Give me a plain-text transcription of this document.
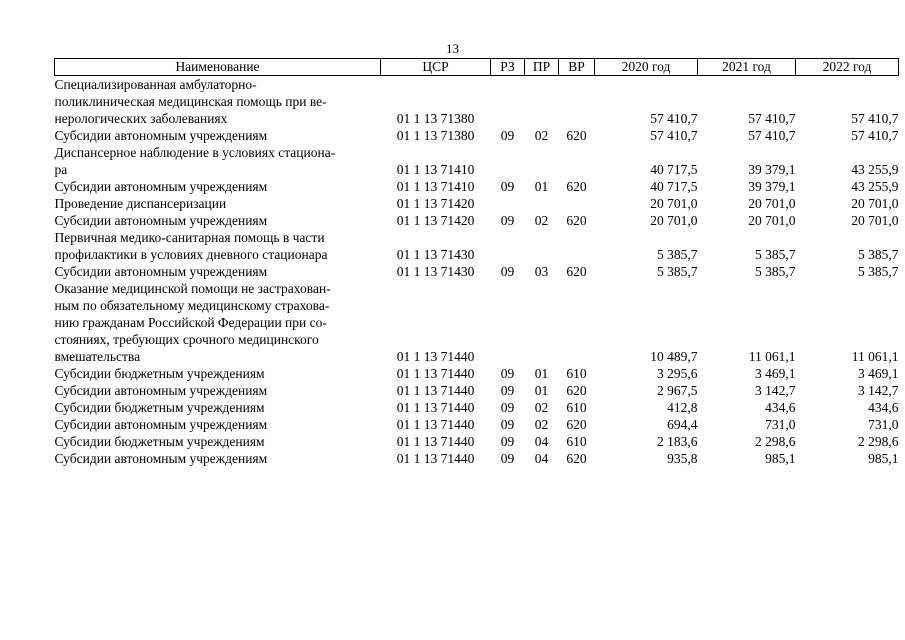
13
Наименование	ЦСР	РЗ	ПР	ВР	2020 год	2021 год	2022 год
Специализированная амбулаторно-							
поликлиническая медицинская помощь при ве-							
нерологических заболеваниях	01 1 13 71380				57 410,7	57 410,7	57 410,7
Субсидии автономным учреждениям	01 1 13 71380	09	02	620	57 410,7	57 410,7	57 410,7
Диспансерное наблюдение в условиях стациона-							
ра	01 1 13 71410				40 717,5	39 379,1	43 255,9
Субсидии автономным учреждениям	01 1 13 71410	09	01	620	40 717,5	39 379,1	43 255,9
Проведение диспансеризации	01 1 13 71420				20 701,0	20 701,0	20 701,0
Субсидии автономным учреждениям	01 1 13 71420	09	02	620	20 701,0	20 701,0	20 701,0
Первичная медико-санитарная помощь в части							
профилактики в условиях дневного стационара	01 1 13 71430				5 385,7	5 385,7	5 385,7
Субсидии автономным учреждениям	01 1 13 71430	09	03	620	5 385,7	5 385,7	5 385,7
Оказание медицинской помощи не застрахован-							
ным по обязательному медицинскому страхова-							
нию гражданам Российской Федерации при со-							
стояниях, требующих срочного медицинского							
вмешательства	01 1 13 71440				10 489,7	11 061,1	11 061,1
Субсидии бюджетным учреждениям	01 1 13 71440	09	01	610	3 295,6	3 469,1	3 469,1
Субсидии автономным учреждениям	01 1 13 71440	09	01	620	2 967,5	3 142,7	3 142,7
Субсидии бюджетным учреждениям	01 1 13 71440	09	02	610	412,8	434,6	434,6
Субсидии автономным учреждениям	01 1 13 71440	09	02	620	694,4	731,0	731,0
Субсидии бюджетным учреждениям	01 1 13 71440	09	04	610	2 183,6	2 298,6	2 298,6
Субсидии автономным учреждениям	01 1 13 71440	09	04	620	935,8	985,1	985,1
